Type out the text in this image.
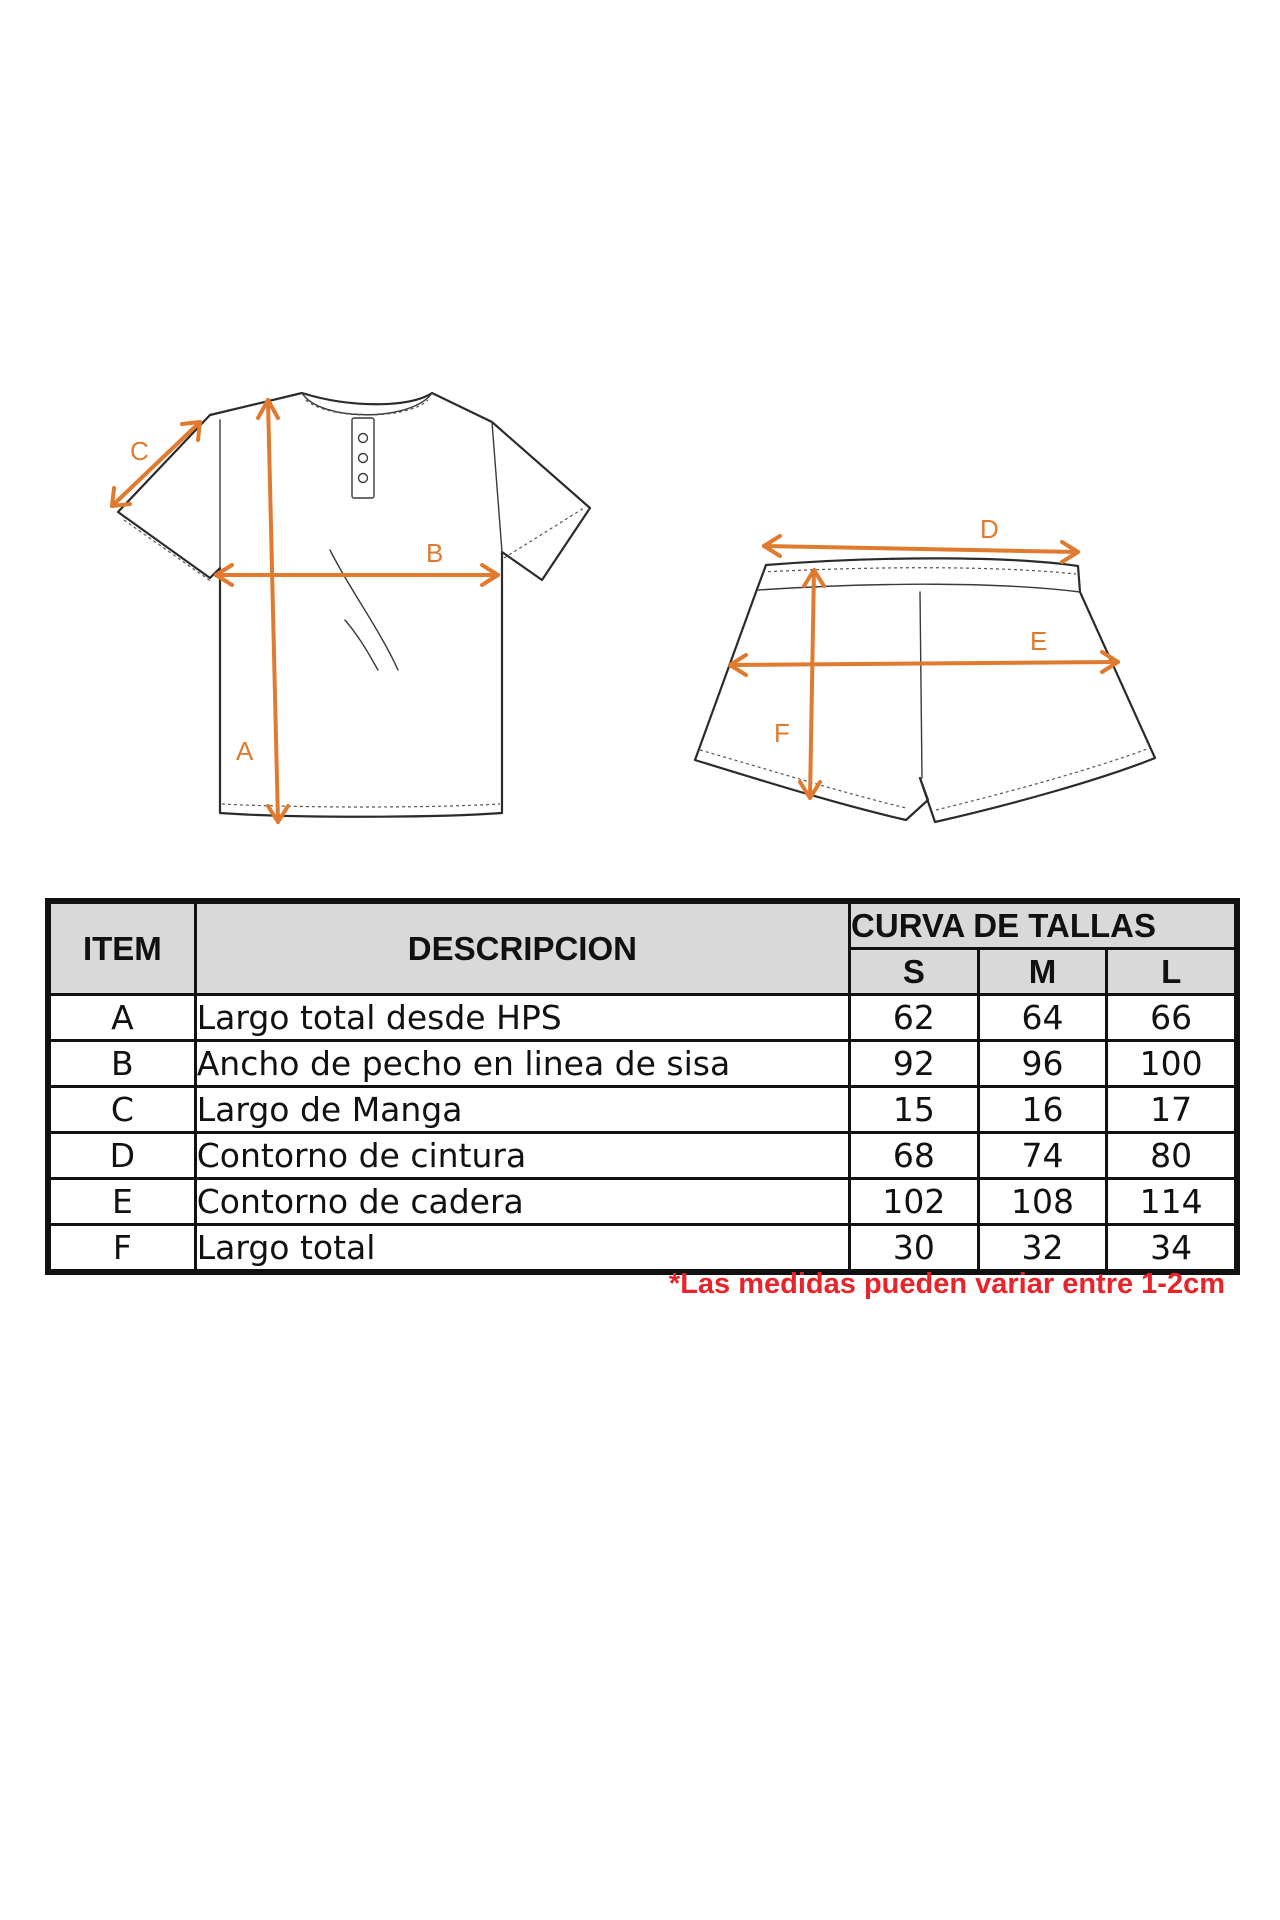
A
B
C
D
E
F
ITEM	DESCRIPCION	CURVA DE TALLAS		
		S	M	L
A	Largo total desde HPS	62	64	66
B	Ancho de pecho en linea de sisa	92	96	100
C	Largo de Manga	15	16	17
D	Contorno de cintura	68	74	80
E	Contorno de cadera	102	108	114
F	Largo total	30	32	34
*Las medidas pueden variar entre 1-2cm
